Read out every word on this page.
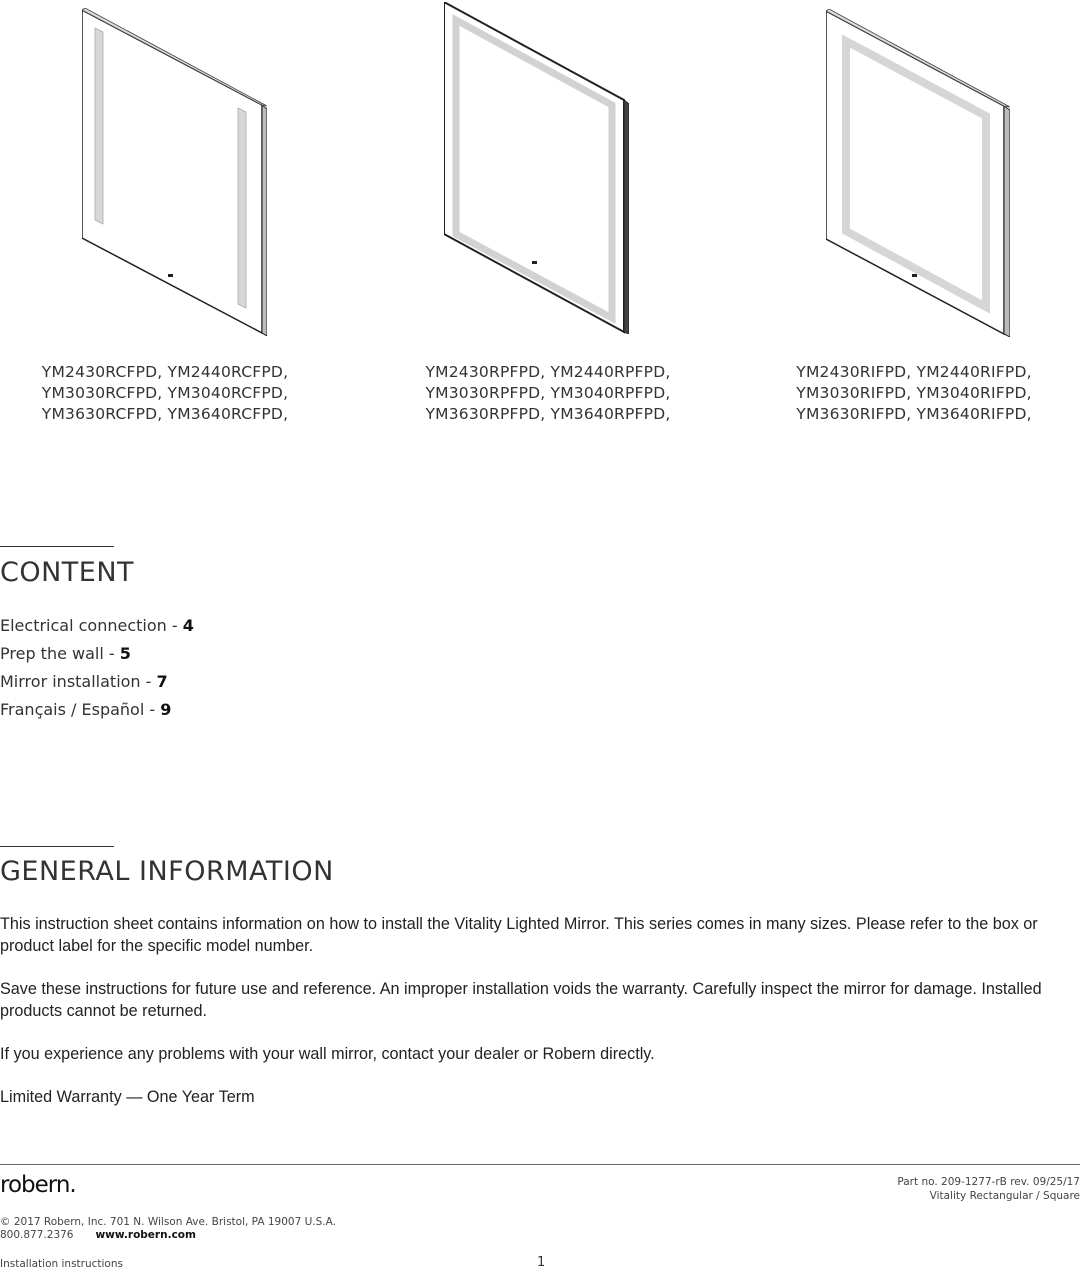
YM2430RCFPD, YM2440RCFPD,
YM3030RCFPD, YM3040RCFPD,
YM3630RCFPD, YM3640RCFPD,
YM2430RPFPD, YM2440RPFPD,
YM3030RPFPD, YM3040RPFPD,
YM3630RPFPD, YM3640RPFPD,
YM2430RIFPD, YM2440RIFPD,
YM3030RIFPD, YM3040RIFPD,
YM3630RIFPD, YM3640RIFPD,
CONTENT
Electrical connection - 4
Prep the wall - 5
Mirror installation - 7
Français / Español - 9
GENERAL INFORMATION

This instruction sheet contains information on how to install the Vitality Lighted Mirror. This series comes in many sizes. Please refer to the box or product label for the specific model number.

Save these instructions for future use and reference. An improper installation voids the warranty. Carefully inspect the mirror for damage. Installed products cannot be returned.

If you experience any problems with your wall mirror, contact your dealer or Robern directly.

Limited Warranty — One Year Term

robern.	Part no. 209-1277-rB rev. 09/25/17
Vitality Rectangular / Square
© 2017 Robern, Inc. 701 N. Wilson Ave. Bristol, PA 19007 U.S.A.
800.877.2376 www.robern.com
Installation instructions	1
